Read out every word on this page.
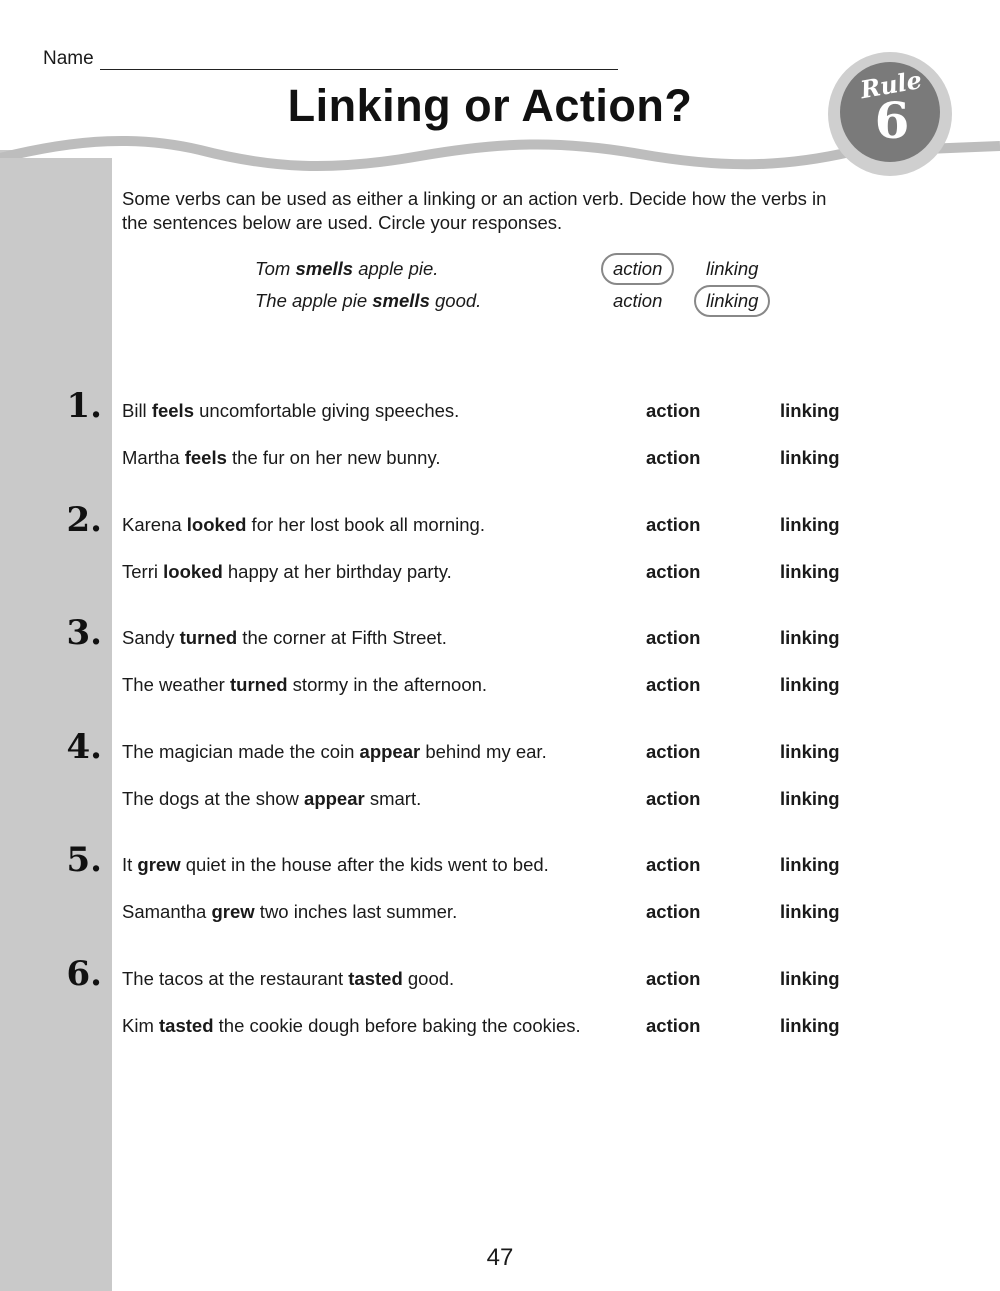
Name
Linking or Action?	Rule
6
Some verbs can be used as either a linking or an action verb. Decide how the verbs in
the sentences below are used. Circle your responses.
Tom smells apple pie.	action	linking
The apple pie smells good.	action	linking
1. Bill feels uncomfortable giving speeches.	action	linking
Martha feels the fur on her new bunny.	action	linking
2. Karena looked for her lost book all morning.	action	linking
Terri looked happy at her birthday party.	action	linking
3. Sandy turned the corner at Fifth Street.	action	linking
The weather turned stormy in the afternoon.	action	linking
4. The magician made the coin appear behind my ear.	action	linking
The dogs at the show appear smart.	action	linking
5. It grew quiet in the house after the kids went to bed.	action	linking
Samantha grew two inches last summer.	action	linking
6. The tacos at the restaurant tasted good.	action	linking
Kim tasted the cookie dough before baking the cookies.	action	linking
47
